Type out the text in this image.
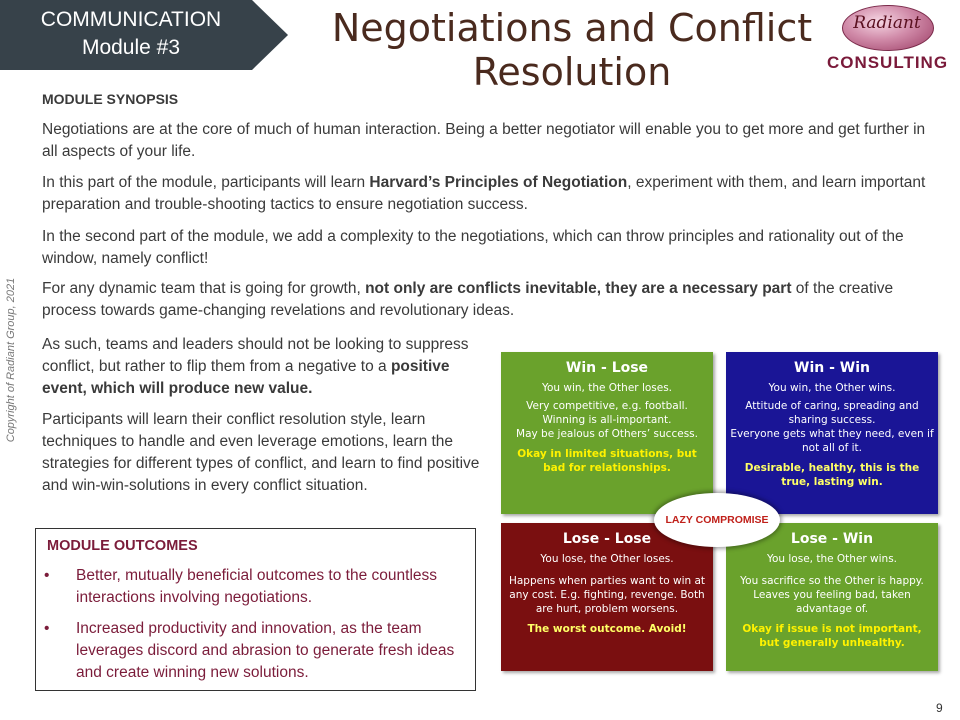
COMMUNICATION
Module #3	Negotiations and Conflict
Resolution
Radiant
CONSULTING
Copyright of Radiant Group, 2021
MODULE SYNOPSIS
Negotiations are at the core of much of human interaction. Being a better negotiator will enable you to get more and get further in all aspects of your life.
In this part of the module, participants will learn Harvard’s Principles of Negotiation, experiment with them, and learn important preparation and trouble-shooting tactics to ensure negotiation success.
In the second part of the module, we add a complexity to the negotiations, which can throw principles and rationality out of the window, namely conflict!
For any dynamic team that is going for growth, not only are conflicts inevitable, they are a necessary part of the creative process towards game-changing revelations and revolutionary ideas.
As such, teams and leaders should not be looking to suppress conflict, but rather to flip them from a negative to a positive event, which will produce new value.
Participants will learn their conflict resolution style, learn techniques to handle and even leverage emotions, learn the strategies for different types of conflict, and learn to find positive and win-win-solutions in every conflict situation.
MODULE OUTCOMES
• Better, mutually beneficial outcomes to the countless interactions involving negotiations.
• Increased productivity and innovation, as the team leverages discord and abrasion to generate fresh ideas and create winning new solutions.
Win - Lose
You win, the Other loses.
Very competitive, e.g. football. Winning is all-important.
May be jealous of Others’ success.
Okay in limited situations, but bad for relationships.
Win - Win
You win, the Other wins.
Attitude of caring, spreading and sharing success.
Everyone gets what they need, even if not all of it.
Desirable, healthy, this is the true, lasting win.
Lose - Lose
You lose, the Other loses.
Happens when parties want to win at any cost. E.g. fighting, revenge. Both are hurt, problem worsens.
The worst outcome. Avoid!
Lose - Win
You lose, the Other wins.
You sacrifice so the Other is happy. Leaves you feeling bad, taken advantage of.
Okay if issue is not important, but generally unhealthy.
LAZY COMPROMISE
9
